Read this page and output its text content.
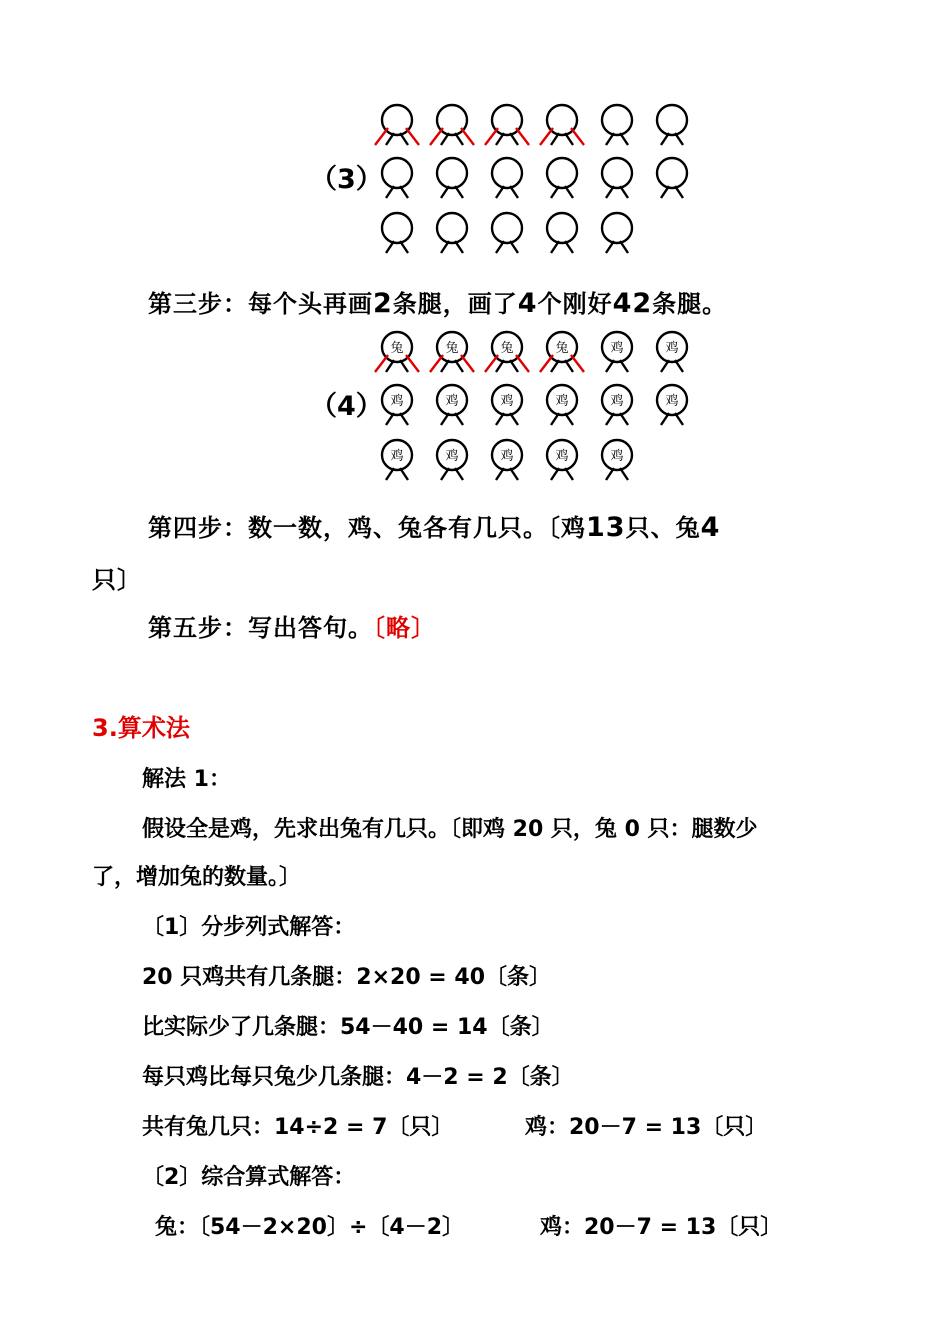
（3）
第三步：每个头再画2条腿，画了4个刚好42条腿。
兔	兔	兔	兔	鸡	鸡
鸡	鸡	鸡	鸡	鸡	鸡
鸡	鸡	鸡	鸡	鸡
（4）
第四步：数一数，鸡、兔各有几只。〔鸡13只、兔4
只〕
第五步：写出答句。〔略〕
3.算术法
解法 1：
假设全是鸡，先求出兔有几只。〔即鸡 20 只，兔 0 只：腿数少
了，增加兔的数量。〕
〔1〕分步列式解答：
20 只鸡共有几条腿：2×20 = 40〔条〕
比实际少了几条腿：54－40 = 14〔条〕
每只鸡比每只兔少几条腿：4－2 = 2〔条〕
共有兔几只：14÷2 = 7〔只〕	鸡：20－7 = 13〔只〕
〔2〕综合算式解答：
兔：〔54－2×20〕÷〔4－2〕	鸡：20－7 = 13〔只〕
